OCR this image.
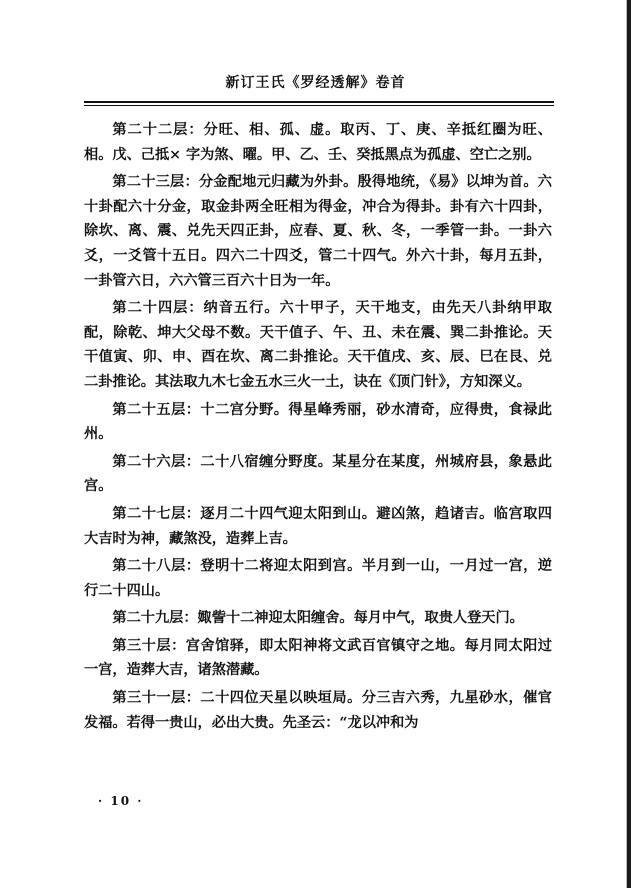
新订王氏《罗经透解》卷首

第二十二层：分旺、相、孤、虚。取丙、丁、庚、辛抵红圈为旺、相。戊、己抵× 字为煞、曜。甲、乙、壬、癸抵黑点为孤虚、空亡之别。

第二十三层：分金配地元归藏为外卦。殷得地统，《易》以坤为首。六十卦配六十分金，取金卦两全旺相为得金，冲合为得卦。卦有六十四卦，除坎、离、震、兑先天四正卦，应春、夏、秋、冬，一季管一卦。一卦六爻，一爻管十五日。四六二十四爻，管二十四气。外六十卦，每月五卦，一卦管六日，六六管三百六十日为一年。

第二十四层：纳音五行。六十甲子，天干地支，由先天八卦纳甲取配，除乾、坤大父母不数。天干值子、午、丑、未在震、巽二卦推论。天干值寅、卯、申、酉在坎、离二卦推论。天干值戌、亥、辰、巳在艮、兑二卦推论。其法取九木七金五水三火一土，诀在《顶门针》，方知深义。

第二十五层：十二宫分野。得星峰秀丽，砂水清奇，应得贵，食禄此州。

第二十六层：二十八宿缠分野度。某星分在某度，州城府县，象悬此宫。

第二十七层：逐月二十四气迎太阳到山。避凶煞，趋诸吉。临宫取四大吉时为神，藏煞没，造葬上吉。

第二十八层：登明十二将迎太阳到宫。半月到一山，一月过一宫，逆行二十四山。

第二十九层：娵訾十二神迎太阳缠舍。每月中气，取贵人登天门。

第三十层：宫舍馆驿，即太阳神将文武百官镇守之地。每月同太阳过一宫，造葬大吉，诸煞潜藏。

第三十一层：二十四位天星以映垣局。分三吉六秀，九星砂水，催官发福。若得一贵山，必出大贵。先圣云：“龙以冲和为

· 10 ·
